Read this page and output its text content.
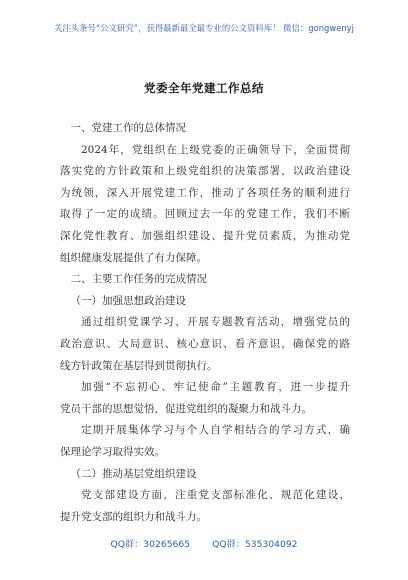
关注头条号“公文研究”，获得最新最全最专业的公文资料库！ 微信：gongwenyj
党委全年党建工作总结
一、党建工作的总体情况
2024年，党组织在上级党委的正确领导下，全面贯彻
落实党的方针政策和上级党组织的决策部署，以政治建设
为统领，深入开展党建工作，推动了各项任务的顺利进行
取得了一定的成绩。回顾过去一年的党建工作，我们不断
深化党性教育、加强组织建设、提升党员素质，为推动党
组织健康发展提供了有力保障。
二、主要工作任务的完成情况
（一）加强思想政治建设
通过组织党课学习、开展专题教育活动，增强党员的
政治意识、大局意识、核心意识、看齐意识，确保党的路
线方针政策在基层得到贯彻执行。
加强“不忘初心、牢记使命”主题教育，进一步提升
党员干部的思想觉悟，促进党组织的凝聚力和战斗力。
定期开展集体学习与个人自学相结合的学习方式，确
保理论学习取得实效。
（二）推动基层党组织建设
党支部建设方面，注重党支部标准化、规范化建设，
提升党支部的组织力和战斗力。
QQ群：30265665 QQ群：535304092
